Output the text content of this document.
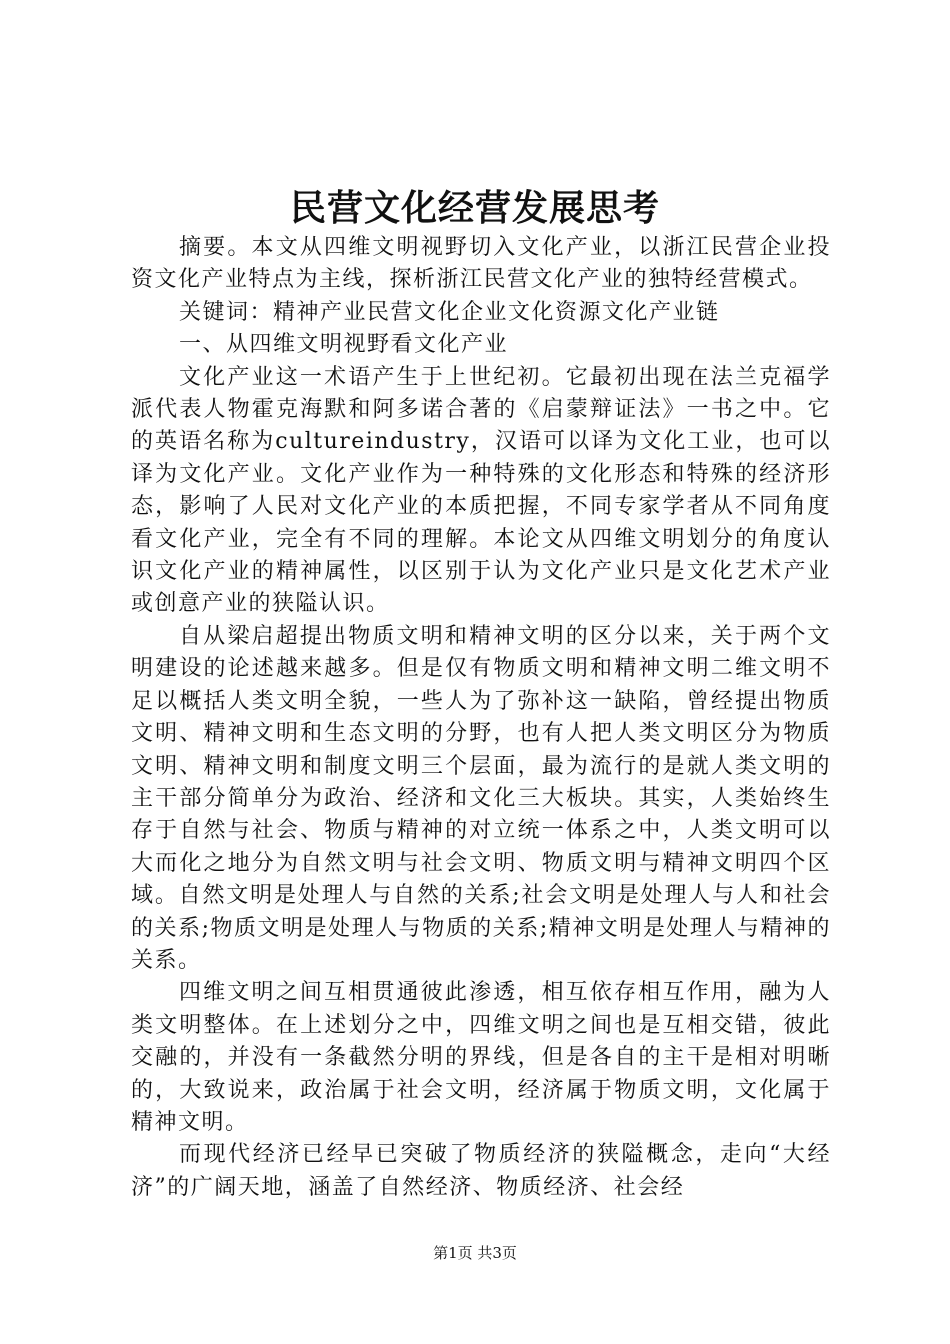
民营文化经营发展思考

摘要。本文从四维文明视野切入文化产业，以浙江民营企业投资文化产业特点为主线，探析浙江民营文化产业的独特经营模式。

关键词：精神产业民营文化企业文化资源文化产业链

一、从四维文明视野看文化产业

文化产业这一术语产生于上世纪初。它最初出现在法兰克福学派代表人物霍克海默和阿多诺合著的《启蒙辩证法》一书之中。它的英语名称为cultureindustry，汉语可以译为文化工业，也可以译为文化产业。文化产业作为一种特殊的文化形态和特殊的经济形态，影响了人民对文化产业的本质把握，不同专家学者从不同角度看文化产业，完全有不同的理解。本论文从四维文明划分的角度认识文化产业的精神属性，以区别于认为文化产业只是文化艺术产业或创意产业的狭隘认识。

自从梁启超提出物质文明和精神文明的区分以来，关于两个文明建设的论述越来越多。但是仅有物质文明和精神文明二维文明不足以概括人类文明全貌，一些人为了弥补这一缺陷，曾经提出物质文明、精神文明和生态文明的分野，也有人把人类文明区分为物质文明、精神文明和制度文明三个层面，最为流行的是就人类文明的主干部分简单分为政治、经济和文化三大板块。其实，人类始终生存于自然与社会、物质与精神的对立统一体系之中，人类文明可以大而化之地分为自然文明与社会文明、物质文明与精神文明四个区域。自然文明是处理人与自然的关系;社会文明是处理人与人和社会的关系;物质文明是处理人与物质的关系;精神文明是处理人与精神的关系。

四维文明之间互相贯通彼此渗透，相互依存相互作用，融为人类文明整体。在上述划分之中，四维文明之间也是互相交错，彼此交融的，并没有一条截然分明的界线，但是各自的主干是相对明晰的，大致说来，政治属于社会文明，经济属于物质文明，文化属于精神文明。

而现代经济已经早已突破了物质经济的狭隘概念，走向“大经济”的广阔天地，涵盖了自然经济、物质经济、社会经

第1页 共3页
